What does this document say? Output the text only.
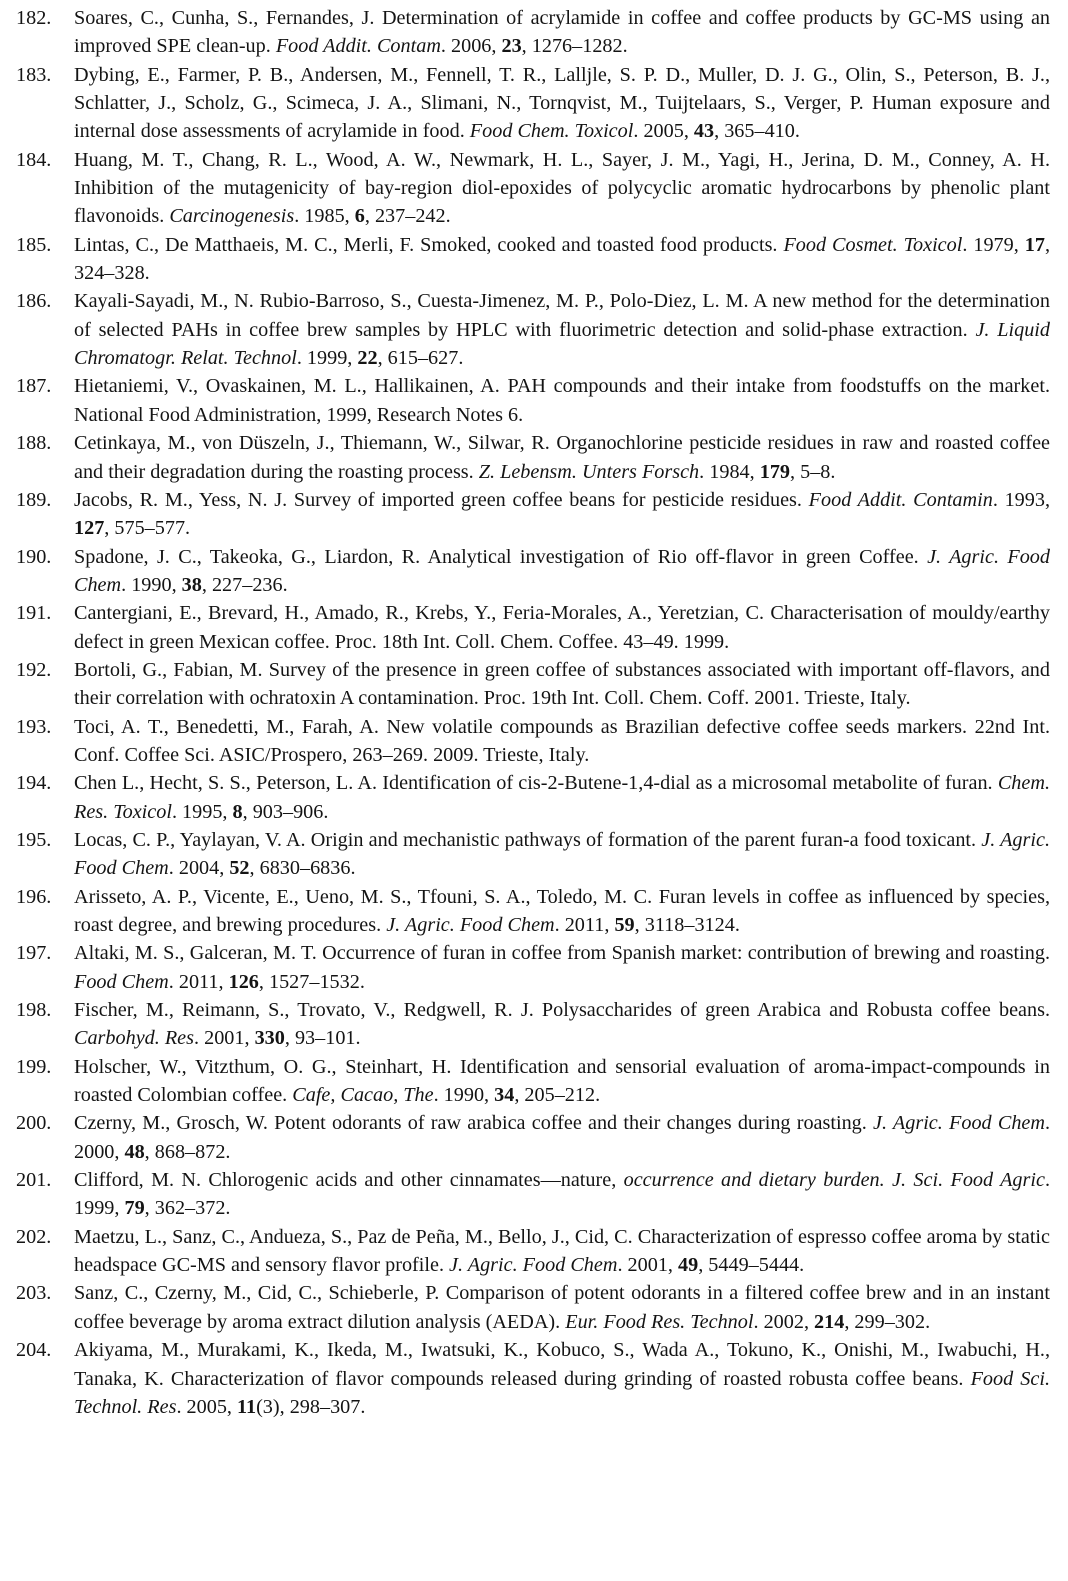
182.	Soares, C., Cunha, S., Fernandes, J. Determination of acrylamide in coffee and coffee products by GC-MS using an improved SPE clean-up. Food Addit. Contam. 2006, 23, 1276–1282.
183.	Dybing, E., Farmer, P. B., Andersen, M., Fennell, T. R., Lalljle, S. P. D., Muller, D. J. G., Olin, S., Peterson, B. J., Schlatter, J., Scholz, G., Scimeca, J. A., Slimani, N., Tornqvist, M., Tuijtelaars, S., Verger, P. Human exposure and internal dose assessments of acrylamide in food. Food Chem. Toxicol. 2005, 43, 365–410.
184.	Huang, M. T., Chang, R. L., Wood, A. W., Newmark, H. L., Sayer, J. M., Yagi, H., Jerina, D. M., Conney, A. H. Inhibition of the mutagenicity of bay-region diol-epoxides of polycyclic aromatic hydrocarbons by phenolic plant flavonoids. Carcinogenesis. 1985, 6, 237–242.
185.	Lintas, C., De Matthaeis, M. C., Merli, F. Smoked, cooked and toasted food products. Food Cosmet. Toxicol. 1979, 17, 324–328.
186.	Kayali-Sayadi, M., N. Rubio-Barroso, S., Cuesta-Jimenez, M. P., Polo-Diez, L. M. A new method for the determination of selected PAHs in coffee brew samples by HPLC with fluorimetric detection and solid-phase extraction. J. Liquid Chromatogr. Relat. Technol. 1999, 22, 615–627.
187.	Hietaniemi, V., Ovaskainen, M. L., Hallikainen, A. PAH compounds and their intake from foodstuffs on the market. National Food Administration, 1999, Research Notes 6.
188.	Cetinkaya, M., von Düszeln, J., Thiemann, W., Silwar, R. Organochlorine pesticide residues in raw and roasted coffee and their degradation during the roasting process. Z. Lebensm. Unters Forsch. 1984, 179, 5–8.
189.	Jacobs, R. M., Yess, N. J. Survey of imported green coffee beans for pesticide residues. Food Addit. Contamin. 1993, 127, 575–577.
190.	Spadone, J. C., Takeoka, G., Liardon, R. Analytical investigation of Rio off-flavor in green Coffee. J. Agric. Food Chem. 1990, 38, 227–236.
191.	Cantergiani, E., Brevard, H., Amado, R., Krebs, Y., Feria-Morales, A., Yeretzian, C. Characterisation of mouldy/earthy defect in green Mexican coffee. Proc. 18th Int. Coll. Chem. Coffee. 43–49. 1999.
192.	Bortoli, G., Fabian, M. Survey of the presence in green coffee of substances associated with important off-flavors, and their correlation with ochratoxin A contamination. Proc. 19th Int. Coll. Chem. Coff. 2001. Trieste, Italy.
193.	Toci, A. T., Benedetti, M., Farah, A. New volatile compounds as Brazilian defective coffee seeds markers. 22nd Int. Conf. Coffee Sci. ASIC/Prospero, 263–269. 2009. Trieste, Italy.
194.	Chen L., Hecht, S. S., Peterson, L. A. Identification of cis-2-Butene-1,4-dial as a microsomal metabolite of furan. Chem. Res. Toxicol. 1995, 8, 903–906.
195.	Locas, C. P., Yaylayan, V. A. Origin and mechanistic pathways of formation of the parent furan-a food toxicant. J. Agric. Food Chem. 2004, 52, 6830–6836.
196.	Arisseto, A. P., Vicente, E., Ueno, M. S., Tfouni, S. A., Toledo, M. C. Furan levels in coffee as influenced by species, roast degree, and brewing procedures. J. Agric. Food Chem. 2011, 59, 3118–3124.
197.	Altaki, M. S., Galceran, M. T. Occurrence of furan in coffee from Spanish market: contribution of brewing and roasting. Food Chem. 2011, 126, 1527–1532.
198.	Fischer, M., Reimann, S., Trovato, V., Redgwell, R. J. Polysaccharides of green Arabica and Robusta coffee beans. Carbohyd. Res. 2001, 330, 93–101.
199.	Holscher, W., Vitzthum, O. G., Steinhart, H. Identification and sensorial evaluation of aroma-impact-compounds in roasted Colombian coffee. Cafe, Cacao, The. 1990, 34, 205–212.
200.	Czerny, M., Grosch, W. Potent odorants of raw arabica coffee and their changes during roasting. J. Agric. Food Chem. 2000, 48, 868–872.
201.	Clifford, M. N. Chlorogenic acids and other cinnamates—nature, occurrence and dietary burden. J. Sci. Food Agric. 1999, 79, 362–372.
202.	Maetzu, L., Sanz, C., Andueza, S., Paz de Peña, M., Bello, J., Cid, C. Characterization of espresso coffee aroma by static headspace GC-MS and sensory flavor profile. J. Agric. Food Chem. 2001, 49, 5449–5444.
203.	Sanz, C., Czerny, M., Cid, C., Schieberle, P. Comparison of potent odorants in a filtered coffee brew and in an instant coffee beverage by aroma extract dilution analysis (AEDA). Eur. Food Res. Technol. 2002, 214, 299–302.
204.	Akiyama, M., Murakami, K., Ikeda, M., Iwatsuki, K., Kobuco, S., Wada A., Tokuno, K., Onishi, M., Iwabuchi, H., Tanaka, K. Characterization of flavor compounds released during grinding of roasted robusta coffee beans. Food Sci. Technol. Res. 2005, 11(3), 298–307.
